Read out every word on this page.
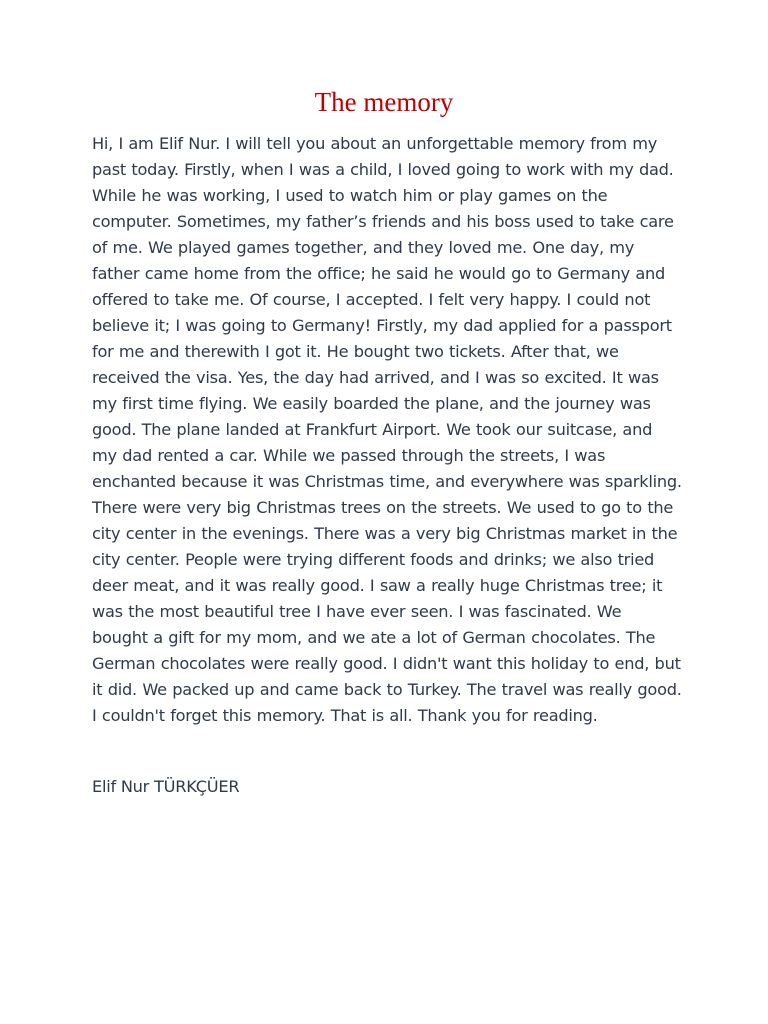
The memory

Hi, I am Elif Nur. I will tell you about an unforgettable memory from my past today. Firstly, when I was a child, I loved going to work with my dad. While he was working, I used to watch him or play games on the computer. Sometimes, my father’s friends and his boss used to take care of me. We played games together, and they loved me. One day, my father came home from the office; he said he would go to Germany and offered to take me. Of course, I accepted. I felt very happy. I could not believe it; I was going to Germany! Firstly, my dad applied for a passport for me and therewith I got it. He bought two tickets. After that, we received the visa. Yes, the day had arrived, and I was so excited. It was my first time flying. We easily boarded the plane, and the journey was good. The plane landed at Frankfurt Airport. We took our suitcase, and my dad rented a car. While we passed through the streets, I was enchanted because it was Christmas time, and everywhere was sparkling. There were very big Christmas trees on the streets. We used to go to the city center in the evenings. There was a very big Christmas market in the city center. People were trying different foods and drinks; we also tried deer meat, and it was really good. I saw a really huge Christmas tree; it was the most beautiful tree I have ever seen. I was fascinated. We bought a gift for my mom, and we ate a lot of German chocolates. The German chocolates were really good. I didn't want this holiday to end, but it did. We packed up and came back to Turkey. The travel was really good. I couldn't forget this memory. That is all. Thank you for reading.

Elif Nur TÜRKÇÜER
